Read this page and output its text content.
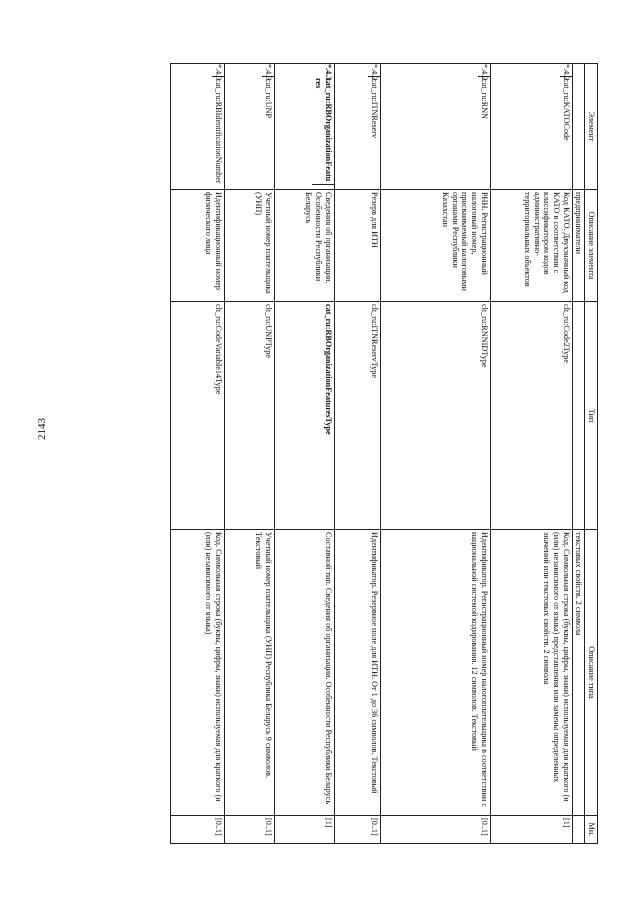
2143
Элемент	Описание элемента	Тип	Описание типа	Мн.
	предприниматели		текстовых свойств. 2 символа	
*.4.2cat_ru:KATOCode	Код КАТО. Двухзначный код КАТО в соответствии с классификатором кодов административно-территориальных объектов	clt_ru:Code2Type	Код. Символьная строка (буквы, цифры, знаки) используемая для краткого (и (или) независимого от языка) представления или замены определенных значений или текстовых свойств. 2 символа	[1]
*.4.2cat_ru:RNN	РНН. Регистрационный налоговый номер, присваиваемый налоговыми органами Республики Казахстан	clt_ru:RNNIDType	Идентификатор. Регистрационный номер налогоплательщика в соответствии с национальной системой кодирования. 12 символов. Текстовый	[0..1]
*.4.2cat_ru:ITNReserv	Резерв для ИТН	clt_ru:ITNReservType	Идентификатор. Резервное поле для ИТН. От 1 до 36 символов. Текстовый	[0..1]
*.4.3.cat_ru:RBOrganizationFeatures	Сведения об организации. Особенности Республики Беларусь	cat_ru:RBOrganizationFeaturesType	Составной тип. Сведения об организации. Особенности Республики Беларусь	[1]
*.4.3cat_ru:UNP	Учетный номер плательщика (УНП)	clt_ru:UNPType	Учетный номер плательщика (УНП) Республика Беларусь 9 символов. Текстовый	[0..1]
*.4.3cat_ru:RBIdentificationNumber	Идентификационный номер физического лица	clt_ru:CodeVariable14Type	Код. Символьная строка (буквы, цифры, знаки) используемая для краткого (и (или) независимого от языка)	[0..1]
